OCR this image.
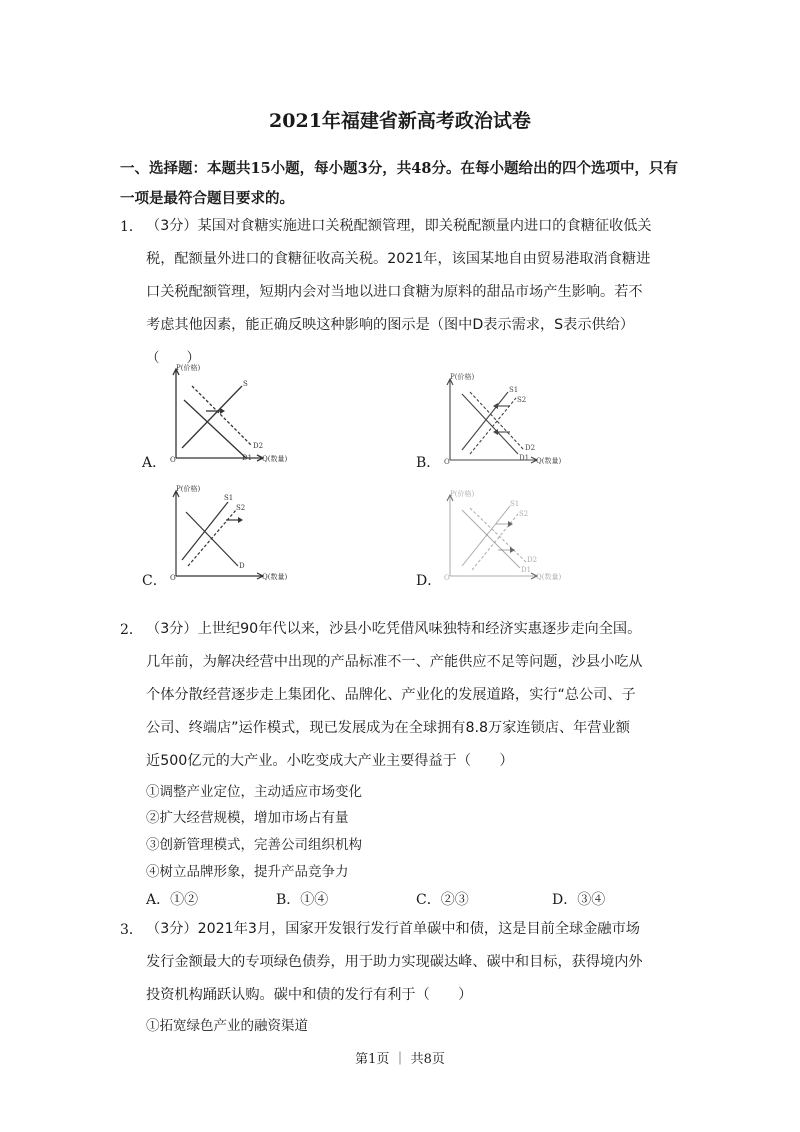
2021年福建省新高考政治试卷
一、选择题：本题共15小题，每小题3分，共48分。在每小题给出的四个选项中，只有
一项是最符合题目要求的。
1． （3分）某国对食糖实施进口关税配额管理，即关税配额量内进口的食糖征收低关
税，配额量外进口的食糖征收高关税。2021年，该国某地自由贸易港取消食糖进
口关税配额管理，短期内会对当地以进口食糖为原料的甜品市场产生影响。若不
考虑其他因素，能正确反映这种影响的图示是（图中D表示需求，S表示供给）
（　　）
A．
P(价格)
O	Q(数量)
S
D2
D1	B．
P(价格)
O	Q(数量)
S1
S2
D2
D1
C．
P(价格)
O	Q(数量)
S1
S2
D
D．
P(价格)
O	Q(数量)
S1
S2
D2
D1
2． （3分）上世纪90年代以来，沙县小吃凭借风味独特和经济实惠逐步走向全国。
几年前，为解决经营中出现的产品标准不一、产能供应不足等问题，沙县小吃从
个体分散经营逐步走上集团化、品牌化、产业化的发展道路，实行“总公司、子
公司、终端店”运作模式，现已发展成为在全球拥有8.8万家连锁店、年营业额
近500亿元的大产业。小吃变成大产业主要得益于（　　）
①调整产业定位，主动适应市场变化
②扩大经营规模，增加市场占有量
③创新管理模式，完善公司组织机构
④树立品牌形象，提升产品竞争力
A．①②	B．①④	C．②③	D．③④
3． （3分）2021年3月，国家开发银行发行首单碳中和债，这是目前全球金融市场
发行金额最大的专项绿色债券，用于助力实现碳达峰、碳中和目标，获得境内外
投资机构踊跃认购。碳中和债的发行有利于（　　）
①拓宽绿色产业的融资渠道
第1页 ｜ 共8页
